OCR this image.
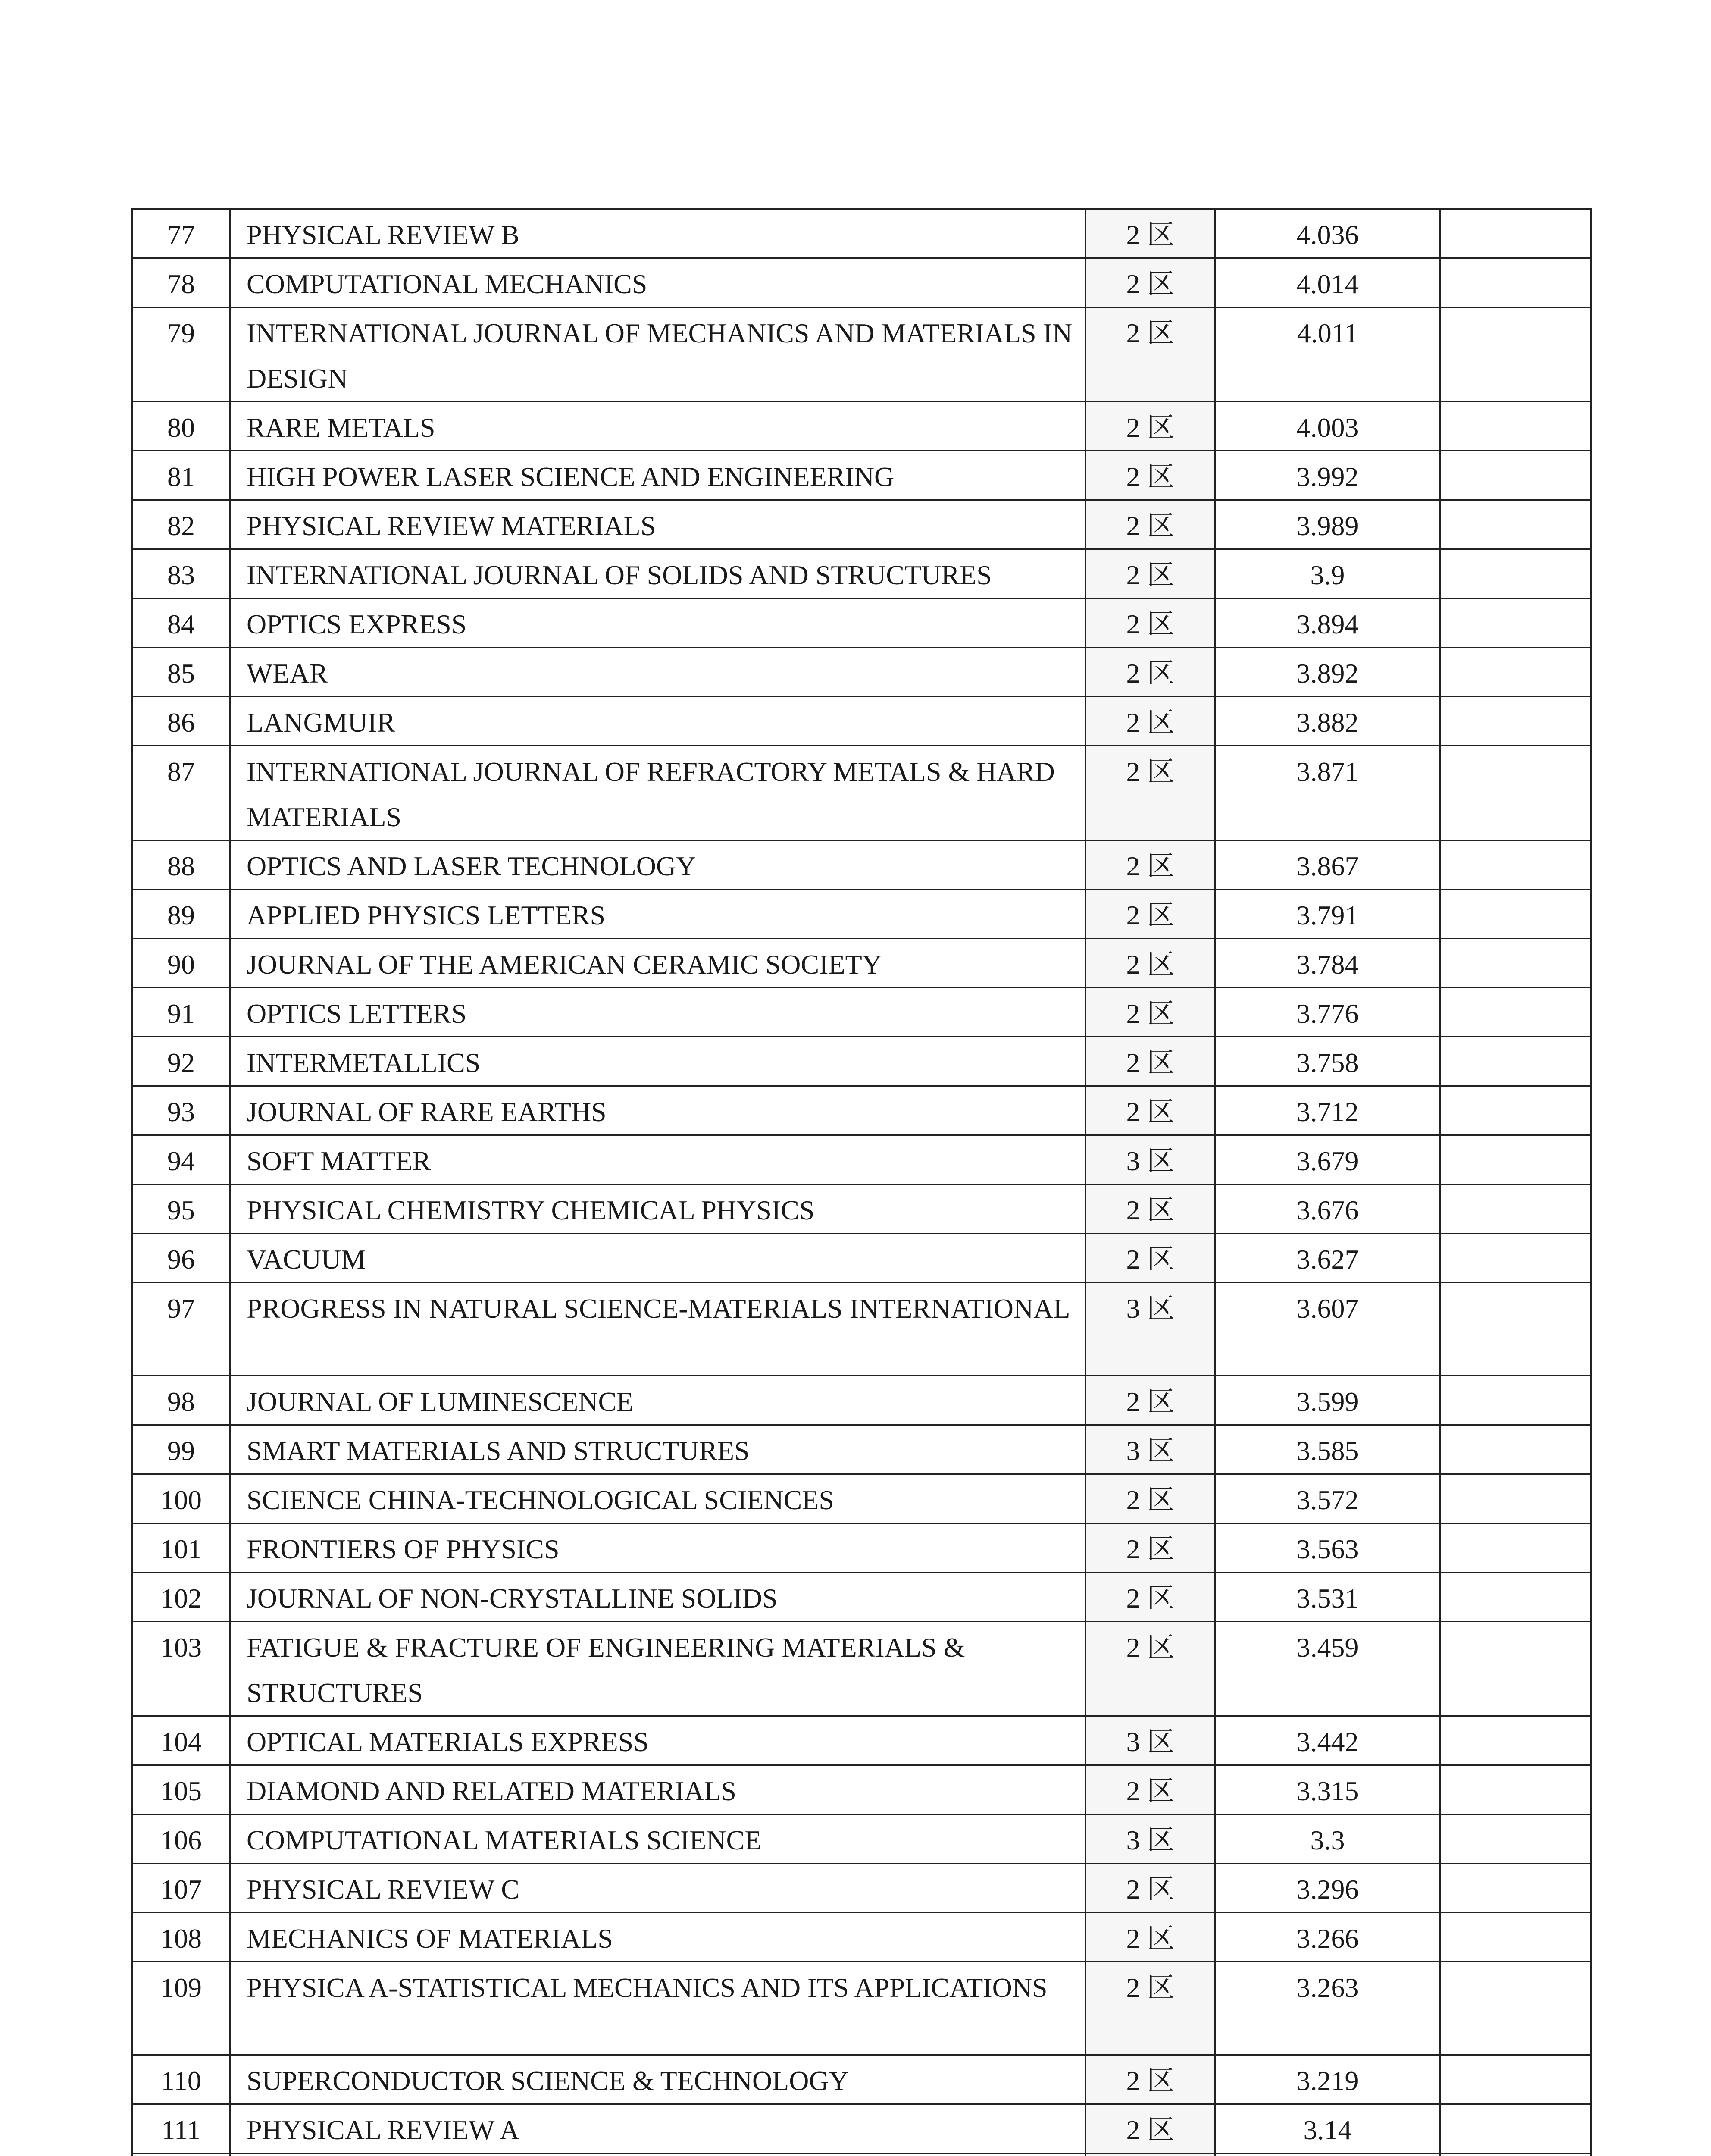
77	PHYSICAL REVIEW B	2 区	4.036	
78	COMPUTATIONAL MECHANICS	2 区	4.014	
79	INTERNATIONAL JOURNAL OF MECHANICS AND MATERIALS IN DESIGN	2 区	4.011	
80	RARE METALS	2 区	4.003	
81	HIGH POWER LASER SCIENCE AND ENGINEERING	2 区	3.992	
82	PHYSICAL REVIEW MATERIALS	2 区	3.989	
83	INTERNATIONAL JOURNAL OF SOLIDS AND STRUCTURES	2 区	3.9	
84	OPTICS EXPRESS	2 区	3.894	
85	WEAR	2 区	3.892	
86	LANGMUIR	2 区	3.882	
87	INTERNATIONAL JOURNAL OF REFRACTORY METALS & HARD MATERIALS	2 区	3.871	
88	OPTICS AND LASER TECHNOLOGY	2 区	3.867	
89	APPLIED PHYSICS LETTERS	2 区	3.791	
90	JOURNAL OF THE AMERICAN CERAMIC SOCIETY	2 区	3.784	
91	OPTICS LETTERS	2 区	3.776	
92	INTERMETALLICS	2 区	3.758	
93	JOURNAL OF RARE EARTHS	2 区	3.712	
94	SOFT MATTER	3 区	3.679	
95	PHYSICAL CHEMISTRY CHEMICAL PHYSICS	2 区	3.676	
96	VACUUM	2 区	3.627	
97	PROGRESS IN NATURAL SCIENCE-MATERIALS INTERNATIONAL	3 区	3.607	
98	JOURNAL OF LUMINESCENCE	2 区	3.599	
99	SMART MATERIALS AND STRUCTURES	3 区	3.585	
100	SCIENCE CHINA-TECHNOLOGICAL SCIENCES	2 区	3.572	
101	FRONTIERS OF PHYSICS	2 区	3.563	
102	JOURNAL OF NON-CRYSTALLINE SOLIDS	2 区	3.531	
103	FATIGUE & FRACTURE OF ENGINEERING MATERIALS & STRUCTURES	2 区	3.459	
104	OPTICAL MATERIALS EXPRESS	3 区	3.442	
105	DIAMOND AND RELATED MATERIALS	2 区	3.315	
106	COMPUTATIONAL MATERIALS SCIENCE	3 区	3.3	
107	PHYSICAL REVIEW C	2 区	3.296	
108	MECHANICS OF MATERIALS	2 区	3.266	
109	PHYSICA A-STATISTICAL MECHANICS AND ITS APPLICATIONS	2 区	3.263	
110	SUPERCONDUCTOR SCIENCE & TECHNOLOGY	2 区	3.219	
111	PHYSICAL REVIEW A	2 区	3.14	
